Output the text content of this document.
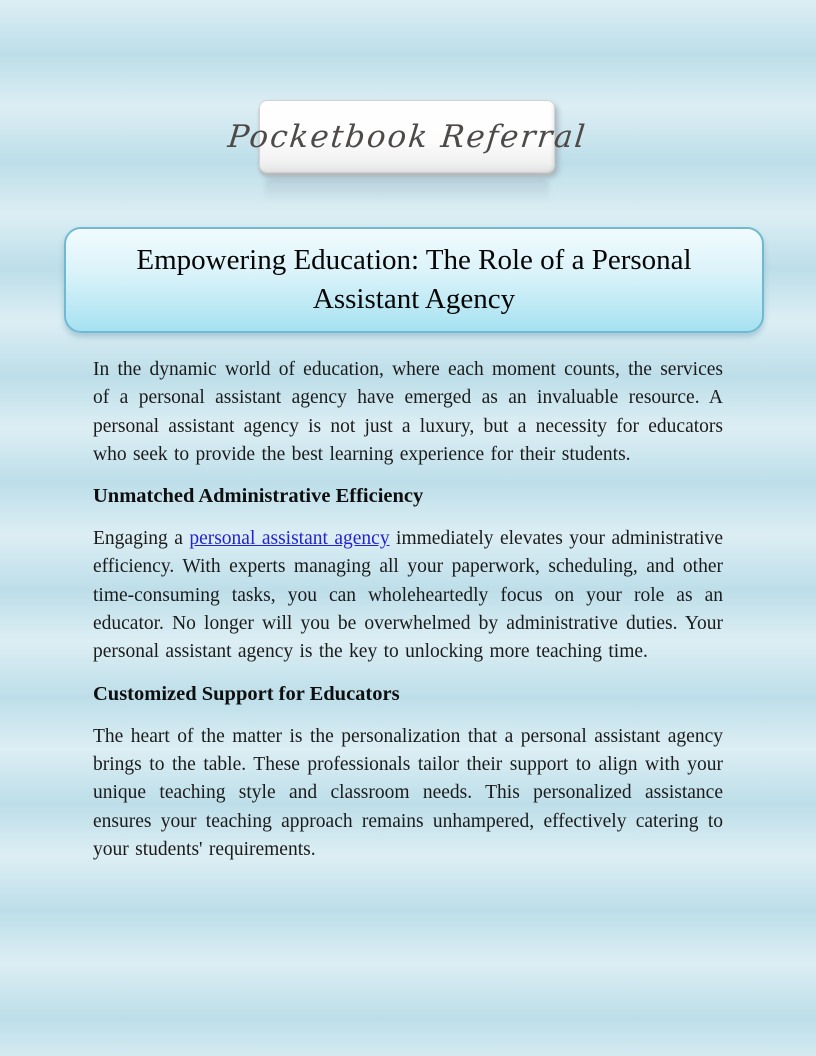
Pocketbook Referral
Empowering Education: The Role of a Personal Assistant Agency

In the dynamic world of education, where each moment counts, the services of a personal assistant agency have emerged as an invaluable resource. A personal assistant agency is not just a luxury, but a necessity for educators who seek to provide the best learning experience for their students.

Unmatched Administrative Efficiency

Engaging a personal assistant agency immediately elevates your administrative efficiency. With experts managing all your paperwork, scheduling, and other time-consuming tasks, you can wholeheartedly focus on your role as an educator. No longer will you be overwhelmed by administrative duties. Your personal assistant agency is the key to unlocking more teaching time.

Customized Support for Educators

The heart of the matter is the personalization that a personal assistant agency brings to the table. These professionals tailor their support to align with your unique teaching style and classroom needs. This personalized assistance ensures your teaching approach remains unhampered, effectively catering to your students' requirements.
